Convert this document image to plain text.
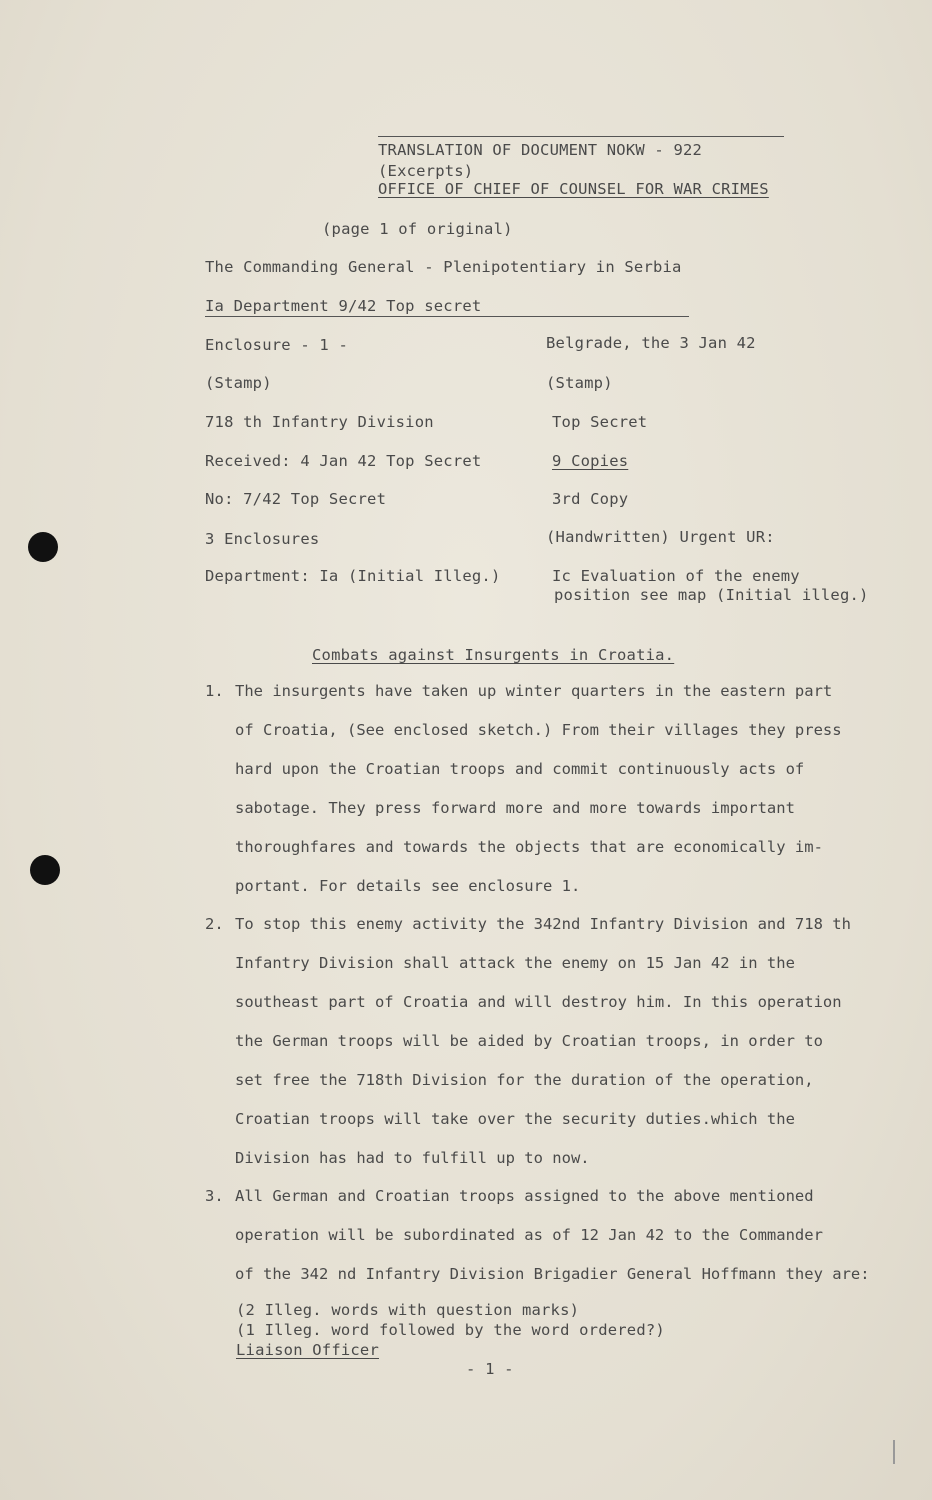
TRANSLATION OF DOCUMENT NOKW - 922
(Excerpts)
OFFICE OF CHIEF OF COUNSEL FOR WAR CRIMES
(page 1 of original)
The Commanding General - Plenipotentiary in Serbia
Ia Department 9/42 Top secret
Enclosure - 1 -
(Stamp)
718 th Infantry Division
Received: 4 Jan 42 Top Secret
No: 7/42 Top Secret
3 Enclosures
Department: Ia (Initial Illeg.)
Belgrade, the 3 Jan 42
(Stamp)
Top Secret
9 Copies
3rd Copy
(Handwritten) Urgent UR:
Ic Evaluation of the enemy
position see map (Initial illeg.)
Combats against Insurgents in Croatia.
1. The insurgents have taken up winter quarters in the eastern part
of Croatia, (See enclosed sketch.) From their villages they press
hard upon the Croatian troops and commit continuously acts of
sabotage. They press forward more and more towards important
thoroughfares and towards the objects that are economically im-
portant. For details see enclosure 1.
2. To stop this enemy activity the 342nd Infantry Division and 718 th
Infantry Division shall attack the enemy on 15 Jan 42 in the
southeast part of Croatia and will destroy him. In this operation
the German troops will be aided by Croatian troops, in order to
set free the 718th Division for the duration of the operation,
Croatian troops will take over the security duties.which the
Division has had to fulfill up to now.
3. All German and Croatian troops assigned to the above mentioned
operation will be subordinated as of 12 Jan 42 to the Commander
of the 342 nd Infantry Division Brigadier General Hoffmann they are:
(2 Illeg. words with question marks)
(1 Illeg. word followed by the word ordered?)
Liaison Officer
- 1 -
